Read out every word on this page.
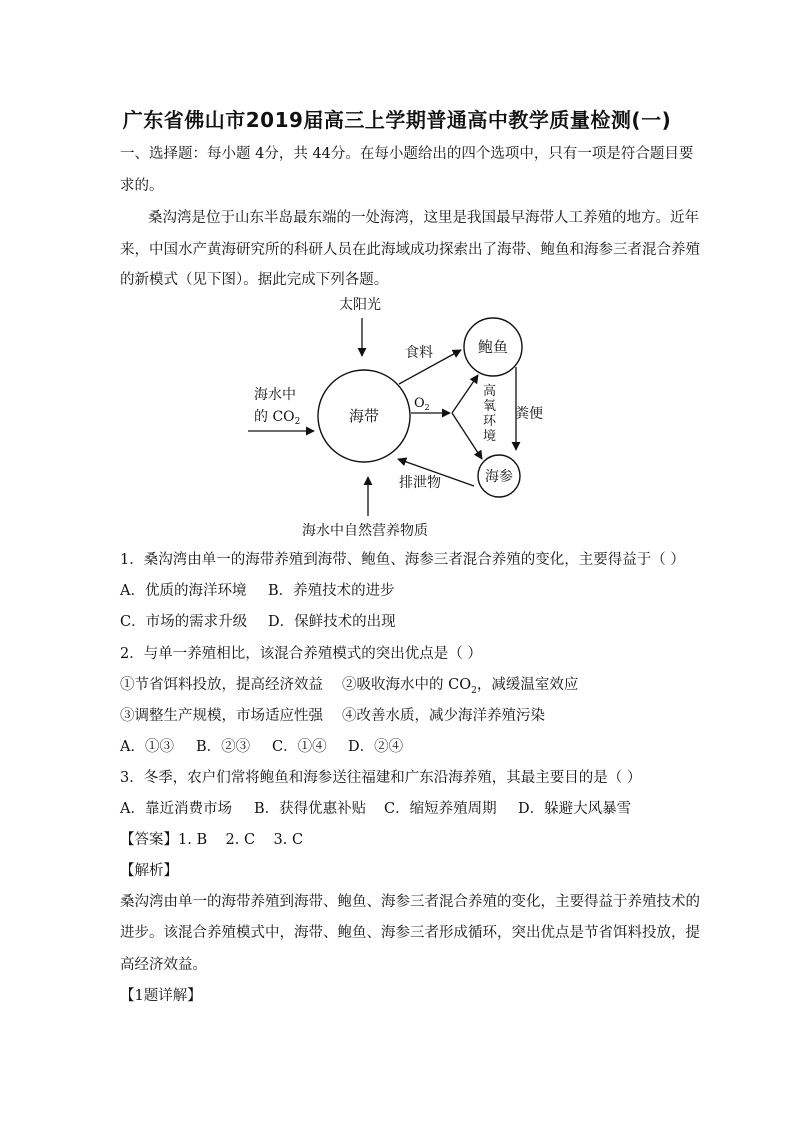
广东省佛山市2019届高三上学期普通高中教学质量检测(一)
一、选择题：每小题 4分，共 44分。在每小题给出的四个选项中，只有一项是符合题目要
求的。
桑沟湾是位于山东半岛最东端的一处海湾，这里是我国最早海带人工养殖的地方。近年
来，中国水产黄海研究所的科研人员在此海域成功探索出了海带、鲍鱼和海参三者混合养殖
的新模式（见下图）。据此完成下列各题。
太阳光
海水中
的 $CO_2$	海带
食料	鲍鱼
$O_2$
高
氧
环
境
粪便
海参
排泄物
海水中自然营养物质
1．桑沟湾由单一的海带养殖到海带、鲍鱼、海参三者混合养殖的变化，主要得益于（ ）
A．优质的海洋环境 B．养殖技术的进步
C．市场的需求升级 D．保鲜技术的出现
2．与单一养殖相比，该混合养殖模式的突出优点是（ ）
①节省饵料投放，提高经济效益 ②吸收海水中的 $CO_2$，减缓温室效应
③调整生产规模，市场适应性强 ④改善水质，减少海洋养殖污染
A．①③ B．②③ C．①④ D．②④
3．冬季，农户们常将鲍鱼和海参送往福建和广东沿海养殖，其最主要目的是（ ）
A．靠近消费市场 B．获得优惠补贴 C．缩短养殖周期 D．躲避大风暴雪
【答案】1. B    2. C    3. C
【解析】
桑沟湾由单一的海带养殖到海带、鲍鱼、海参三者混合养殖的变化，主要得益于养殖技术的
进步。该混合养殖模式中，海带、鲍鱼、海参三者形成循环，突出优点是节省饵料投放，提
高经济效益。
【1题详解】
